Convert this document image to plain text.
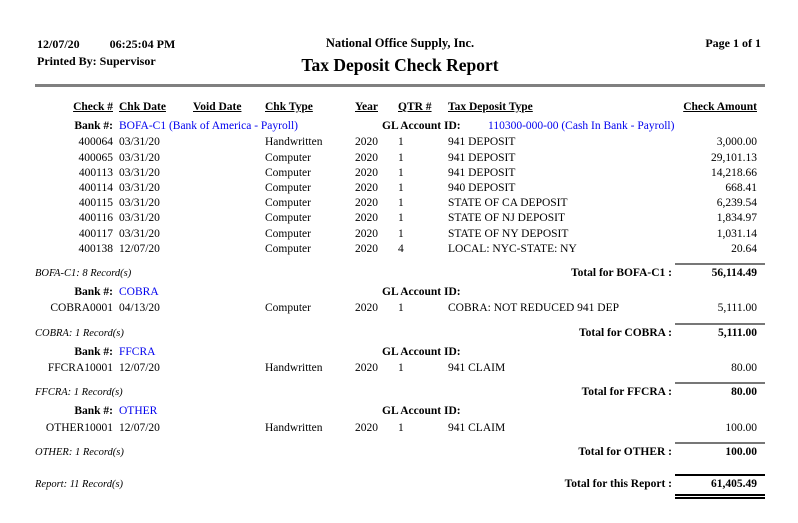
12/07/20	06:25:04 PM
Printed By: Supervisor
National Office Supply, Inc.
Tax Deposit Check Report
Page 1 of 1
Check # Chk Date	Void Date	Chk Type	Year	QTR #	Tax Deposit Type	Check Amount
Bank #: BOFA-C1 (Bank of America - Payroll)	GL Account ID:	110300-000-00 (Cash In Bank - Payroll)
400064 03/31/20	Handwritten	2020	1	941 DEPOSIT	3,000.00
400065 03/31/20	Computer	2020	1	941 DEPOSIT	29,101.13
400113 03/31/20	Computer	2020	1	941 DEPOSIT	14,218.66
400114 03/31/20	Computer	2020	1	940 DEPOSIT	668.41
400115 03/31/20	Computer	2020	1	STATE OF CA DEPOSIT	6,239.54
400116 03/31/20	Computer	2020	1	STATE OF NJ DEPOSIT	1,834.97
400117 03/31/20	Computer	2020	1	STATE OF NY DEPOSIT	1,031.14
400138 12/07/20	Computer	2020	4	LOCAL: NYC-STATE: NY	20.64
BOFA-C1: 8 Record(s)	Total for BOFA-C1 :	56,114.49
Bank #: COBRA	GL Account ID:
COBRA0001 04/13/20	Computer	2020	1	COBRA: NOT REDUCED 941 DEP	5,111.00
COBRA: 1 Record(s)	Total for COBRA :	5,111.00
Bank #: FFCRA	GL Account ID:
FFCRA10001 12/07/20	Handwritten	2020	1	941 CLAIM	80.00
FFCRA: 1 Record(s)	Total for FFCRA :	80.00
Bank #: OTHER	GL Account ID:
OTHER10001 12/07/20	Handwritten	2020	1	941 CLAIM	100.00
OTHER: 1 Record(s)	Total for OTHER :	100.00
Report: 11 Record(s)	Total for this Report :	61,405.49
